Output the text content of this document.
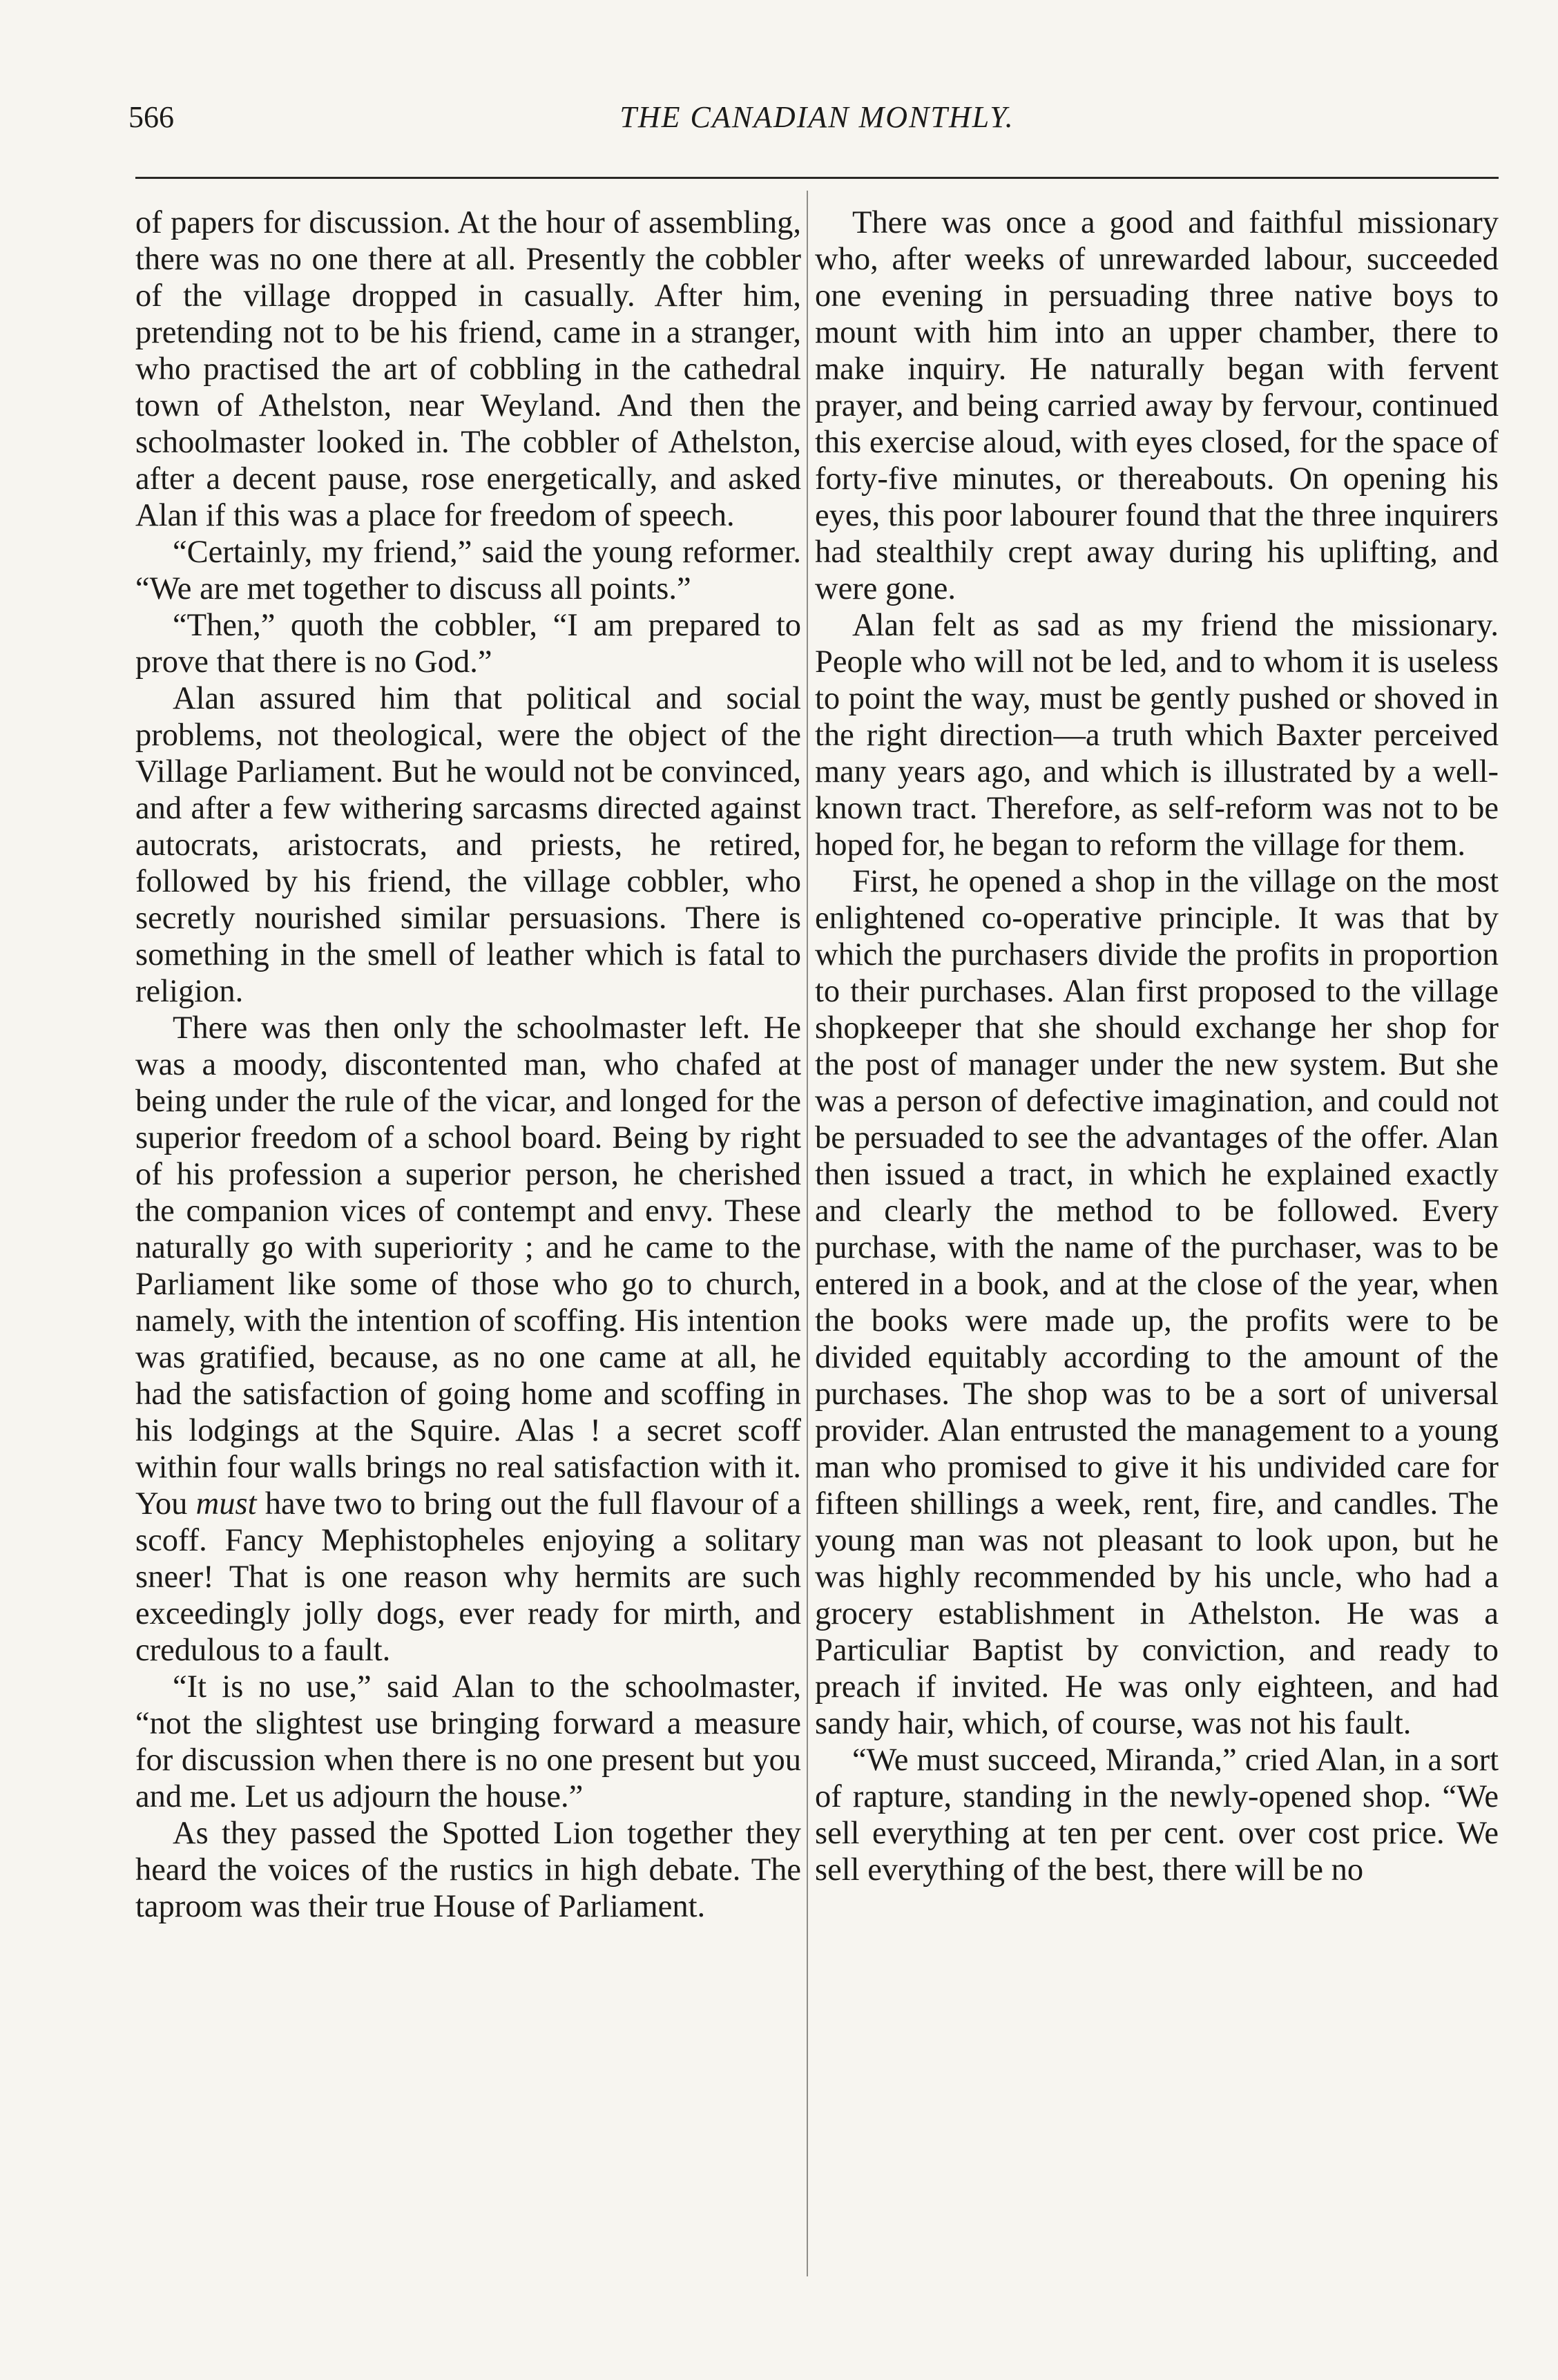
566	THE CANADIAN MONTHLY.

of papers for discussion. At the hour of assembling, there was no one there at all. Presently the cobbler of the village dropped in casually. After him, pretending not to be his friend, came in a stranger, who practised the art of cobbling in the cathedral town of Athelston, near Weyland. And then the schoolmaster looked in. The cobbler of Athelston, after a decent pause, rose energetically, and asked Alan if this was a place for freedom of speech.

“Certainly, my friend,” said the young reformer. “We are met together to discuss all points.”

“Then,” quoth the cobbler, “I am prepared to prove that there is no God.”

Alan assured him that political and social problems, not theological, were the object of the Village Parliament. But he would not be convinced, and after a few withering sarcasms directed against autocrats, aristocrats, and priests, he retired, followed by his friend, the village cobbler, who secretly nourished similar persuasions. There is something in the smell of leather which is fatal to religion.

There was then only the schoolmaster left. He was a moody, discontented man, who chafed at being under the rule of the vicar, and longed for the superior freedom of a school board. Being by right of his profession a superior person, he cherished the companion vices of contempt and envy. These naturally go with superiority ; and he came to the Parliament like some of those who go to church, namely, with the intention of scoffing. His intention was gratified, because, as no one came at all, he had the satisfaction of going home and scoffing in his lodgings at the Squire. Alas ! a secret scoff within four walls brings no real satisfaction with it. You must have two to bring out the full flavour of a scoff. Fancy Mephistopheles enjoying a solitary sneer! That is one reason why hermits are such exceedingly jolly dogs, ever ready for mirth, and credulous to a fault.

“It is no use,” said Alan to the schoolmaster, “not the slightest use bringing forward a measure for discussion when there is no one present but you and me. Let us adjourn the house.”

As they passed the Spotted Lion together they heard the voices of the rustics in high debate. The taproom was their true House of Parliament.

There was once a good and faithful missionary who, after weeks of unrewarded labour, succeeded one evening in persuading three native boys to mount with him into an upper chamber, there to make inquiry. He naturally began with fervent prayer, and being carried away by fervour, continued this exercise aloud, with eyes closed, for the space of forty-five minutes, or thereabouts. On opening his eyes, this poor labourer found that the three inquirers had stealthily crept away during his uplifting, and were gone.

Alan felt as sad as my friend the missionary. People who will not be led, and to whom it is useless to point the way, must be gently pushed or shoved in the right direction—a truth which Baxter perceived many years ago, and which is illustrated by a well-known tract. Therefore, as self-reform was not to be hoped for, he began to reform the village for them.

First, he opened a shop in the village on the most enlightened co-operative principle. It was that by which the purchasers divide the profits in proportion to their purchases. Alan first proposed to the village shopkeeper that she should exchange her shop for the post of manager under the new system. But she was a person of defective imagination, and could not be persuaded to see the advantages of the offer. Alan then issued a tract, in which he explained exactly and clearly the method to be followed. Every purchase, with the name of the purchaser, was to be entered in a book, and at the close of the year, when the books were made up, the profits were to be divided equitably according to the amount of the purchases. The shop was to be a sort of universal provider. Alan entrusted the management to a young man who promised to give it his undivided care for fifteen shillings a week, rent, fire, and candles. The young man was not pleasant to look upon, but he was highly recommended by his uncle, who had a grocery establishment in Athelston. He was a Particuliar Baptist by conviction, and ready to preach if invited. He was only eighteen, and had sandy hair, which, of course, was not his fault.

“We must succeed, Miranda,” cried Alan, in a sort of rapture, standing in the newly-opened shop. “We sell everything at ten per cent. over cost price. We sell everything of the best, there will be no
